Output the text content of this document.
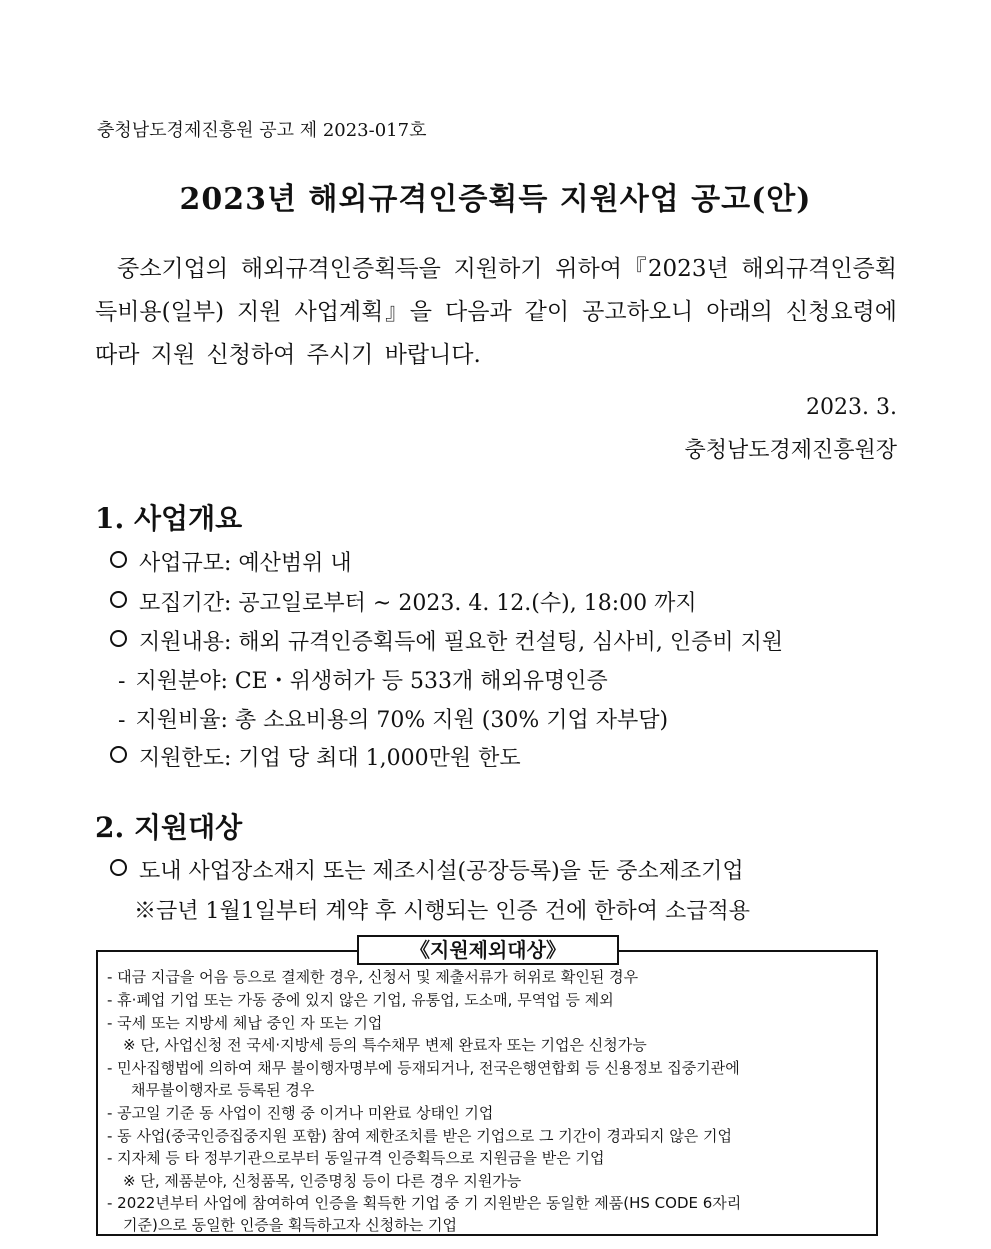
충청남도경제진흥원 공고 제 2023-017호
2023년 해외규격인증획득 지원사업 공고(안)
중소기업의 해외규격인증획득을 지원하기 위하여『2023년 해외규격인증획득비용(일부) 지원 사업계획』을 다음과 같이 공고하오니 아래의 신청요령에 따라 지원 신청하여 주시기 바랍니다.
2023. 3.
충청남도경제진흥원장
1. 사업개요
사업규모: 예산범위 내
모집기간: 공고일로부터 ~ 2023. 4. 12.(수), 18:00 까지
지원내용: 해외 규격인증획득에 필요한 컨설팅, 심사비, 인증비 지원
- 지원분야: CE・위생허가 등 533개 해외유명인증
- 지원비율: 총 소요비용의 70% 지원 (30% 기업 자부담)
지원한도: 기업 당 최대 1,000만원 한도
2. 지원대상
도내 사업장소재지 또는 제조시설(공장등록)을 둔 중소제조기업
※금년 1월1일부터 계약 후 시행되는 인증 건에 한하여 소급적용
《지원제외대상》
- 대금 지급을 어음 등으로 결제한 경우, 신청서 및 제출서류가 허위로 확인된 경우
- 휴·폐업 기업 또는 가동 중에 있지 않은 기업, 유통업, 도소매, 무역업 등 제외
- 국세 또는 지방세 체납 중인 자 또는 기업
※ 단, 사업신청 전 국세·지방세 등의 특수채무 변제 완료자 또는 기업은 신청가능
- 민사집행법에 의하여 채무 불이행자명부에 등재되거나, 전국은행연합회 등 신용정보 집중기관에
채무불이행자로 등록된 경우
- 공고일 기준 동 사업이 진행 중 이거나 미완료 상태인 기업
- 동 사업(중국인증집중지원 포함) 참여 제한조치를 받은 기업으로 그 기간이 경과되지 않은 기업
- 지자체 등 타 정부기관으로부터 동일규격 인증획득으로 지원금을 받은 기업
※ 단, 제품분야, 신청품목, 인증명칭 등이 다른 경우 지원가능
- 2022년부터 사업에 참여하여 인증을 획득한 기업 중 기 지원받은 동일한 제품(HS CODE 6자리
기준)으로 동일한 인증을 획득하고자 신청하는 기업
